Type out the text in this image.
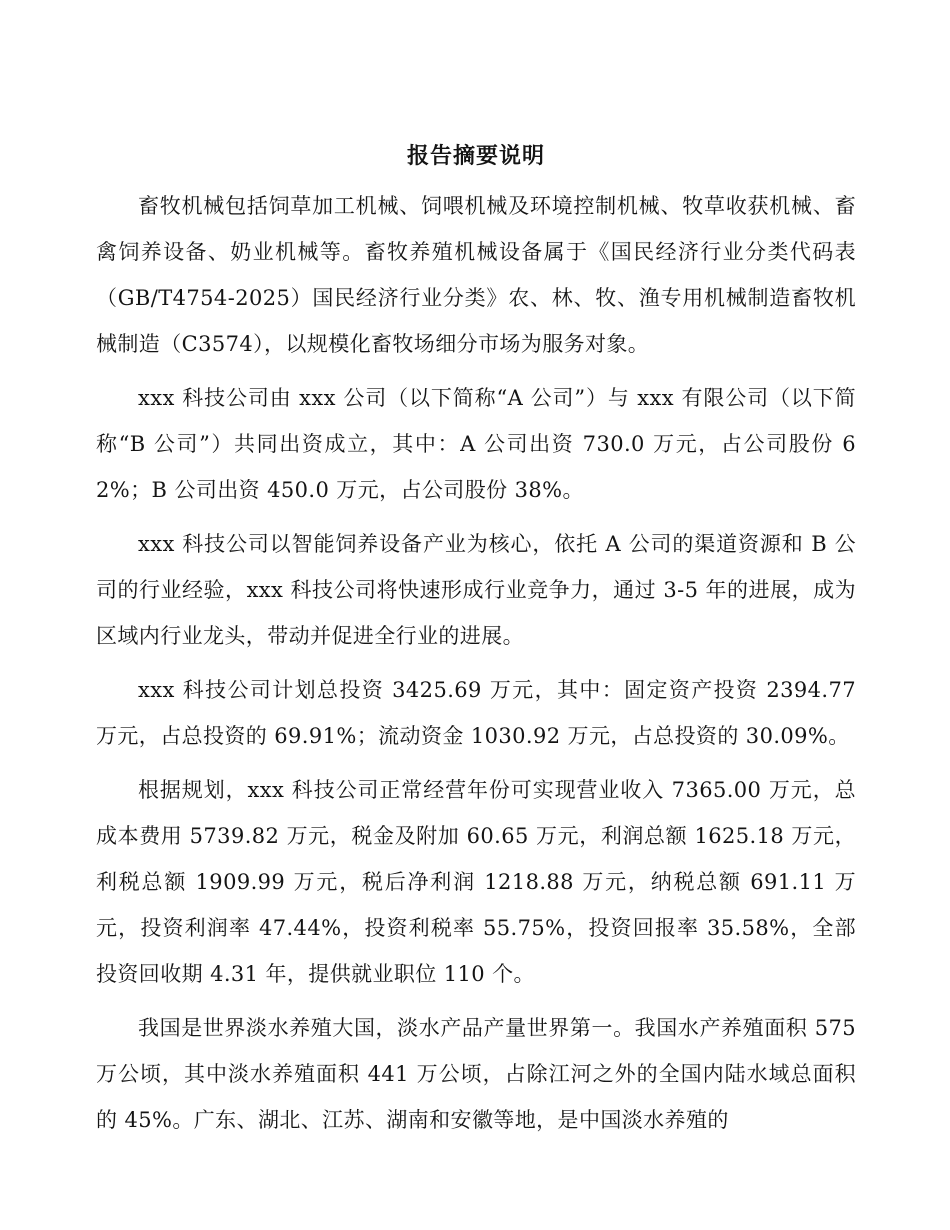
报告摘要说明

畜牧机械包括饲草加工机械、饲喂机械及环境控制机械、牧草收获机械、畜禽饲养设备、奶业机械等。畜牧养殖机械设备属于《国民经济行业分类代码表（GB/T4754-2025）国民经济行业分类》农、林、牧、渔专用机械制造畜牧机械制造（C3574），以规模化畜牧场细分市场为服务对象。

xxx 科技公司由 xxx 公司（以下简称“A 公司”）与 xxx 有限公司（以下简称“B 公司”）共同出资成立，其中：A 公司出资 730.0 万元，占公司股份 62%；B 公司出资 450.0 万元，占公司股份 38%。

xxx 科技公司以智能饲养设备产业为核心，依托 A 公司的渠道资源和 B 公司的行业经验，xxx 科技公司将快速形成行业竞争力，通过 3-5 年的进展，成为区域内行业龙头，带动并促进全行业的进展。

xxx 科技公司计划总投资 3425.69 万元，其中：固定资产投资 2394.77 万元，占总投资的 69.91%；流动资金 1030.92 万元，占总投资的 30.09%。

根据规划，xxx 科技公司正常经营年份可实现营业收入 7365.00 万元，总成本费用 5739.82 万元，税金及附加 60.65 万元，利润总额 1625.18 万元，利税总额 1909.99 万元，税后净利润 1218.88 万元，纳税总额 691.11 万元，投资利润率 47.44%，投资利税率 55.75%，投资回报率 35.58%，全部投资回收期 4.31 年，提供就业职位 110 个。

我国是世界淡水养殖大国，淡水产品产量世界第一。我国水产养殖面积 575 万公顷，其中淡水养殖面积 441 万公顷，占除江河之外的全国内陆水域总面积的 45%。广东、湖北、江苏、湖南和安徽等地，是中国淡水养殖的
